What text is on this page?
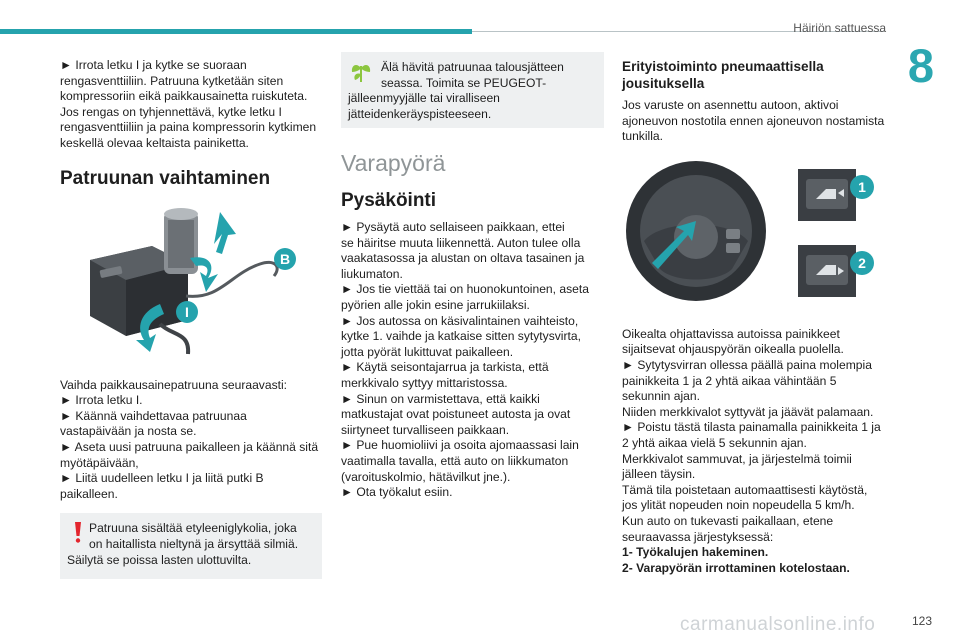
Häiriön sattuessa
8

► Irrota letku I ja kytke se suoraan

rengasventtiiliin. Patruuna kytketään siten

kompressoriin eikä paikkausainetta ruiskuteta.

Jos rengas on tyhjennettävä, kytke letku I

rengasventtiiliin ja paina kompressorin kytkimen

keskellä olevaa keltaista painiketta.

Patruunan vaihtaminen
B
I

Vaihda paikkausainepatruuna seuraavasti:

► Irrota letku I.

► Käännä vaihdettavaa patruunaa

vastapäivään ja nosta se.

► Aseta uusi patruuna paikalleen ja käännä sitä

myötäpäivään,

► Liitä uudelleen letku I ja liitä putki B

paikalleen.

Patruuna sisältää etyleeniglykolia, joka

on haitallista nieltynä ja ärsyttää silmiä.

Säilytä se poissa lasten ulottuvilta.

Älä hävitä patruunaa talousjätteen

seassa. Toimita se PEUGEOT-

jälleenmyyjälle tai viralliseen

jätteidenkeräyspisteeseen.

Varapyörä
Pysäköinti

► Pysäytä auto sellaiseen paikkaan, ettei

se häiritse muuta liikennettä. Auton tulee olla

vaakatasossa ja alustan on oltava tasainen ja

liukumaton.

► Jos tie viettää tai on huonokuntoinen, aseta

pyörien alle jokin esine jarrukiilaksi.

► Jos autossa on käsivalintainen vaihteisto,

kytke 1. vaihde ja katkaise sitten sytytysvirta,

jotta pyörät lukittuvat paikalleen.

► Käytä seisontajarrua ja tarkista, että

merkkivalo syttyy mittaristossa.

► Sinun on varmistettava, että kaikki

matkustajat ovat poistuneet autosta ja ovat

siirtyneet turvalliseen paikkaan.

► Pue huomioliivi ja osoita ajomaassasi lain

vaatimalla tavalla, että auto on liikkumaton

(varoituskolmio, hätävilkut jne.).

► Ota työkalut esiin.

Erityistoiminto pneumaattisella
jousituksella

Jos varuste on asennettu autoon, aktivoi

ajoneuvon nostotila ennen ajoneuvon nostamista

tunkilla.

1
2

Oikealta ohjattavissa autoissa painikkeet

sijaitsevat ohjauspyörän oikealla puolella.

► Sytytysvirran ollessa päällä paina molempia

painikkeita 1 ja 2 yhtä aikaa vähintään 5

sekunnin ajan.

Niiden merkkivalot syttyvät ja jäävät palamaan.

► Poistu tästä tilasta painamalla painikkeita 1 ja

2 yhtä aikaa vielä 5 sekunnin ajan.

Merkkivalot sammuvat, ja järjestelmä toimii

jälleen täysin.

Tämä tila poistetaan automaattisesti käytöstä,

jos ylität nopeuden noin nopeudella 5 km/h.

Kun auto on tukevasti paikallaan, etene

seuraavassa järjestyksessä:

1- Työkalujen hakeminen.

2- Varapyörän irrottaminen kotelostaan.

carmanualsonline.info	123
